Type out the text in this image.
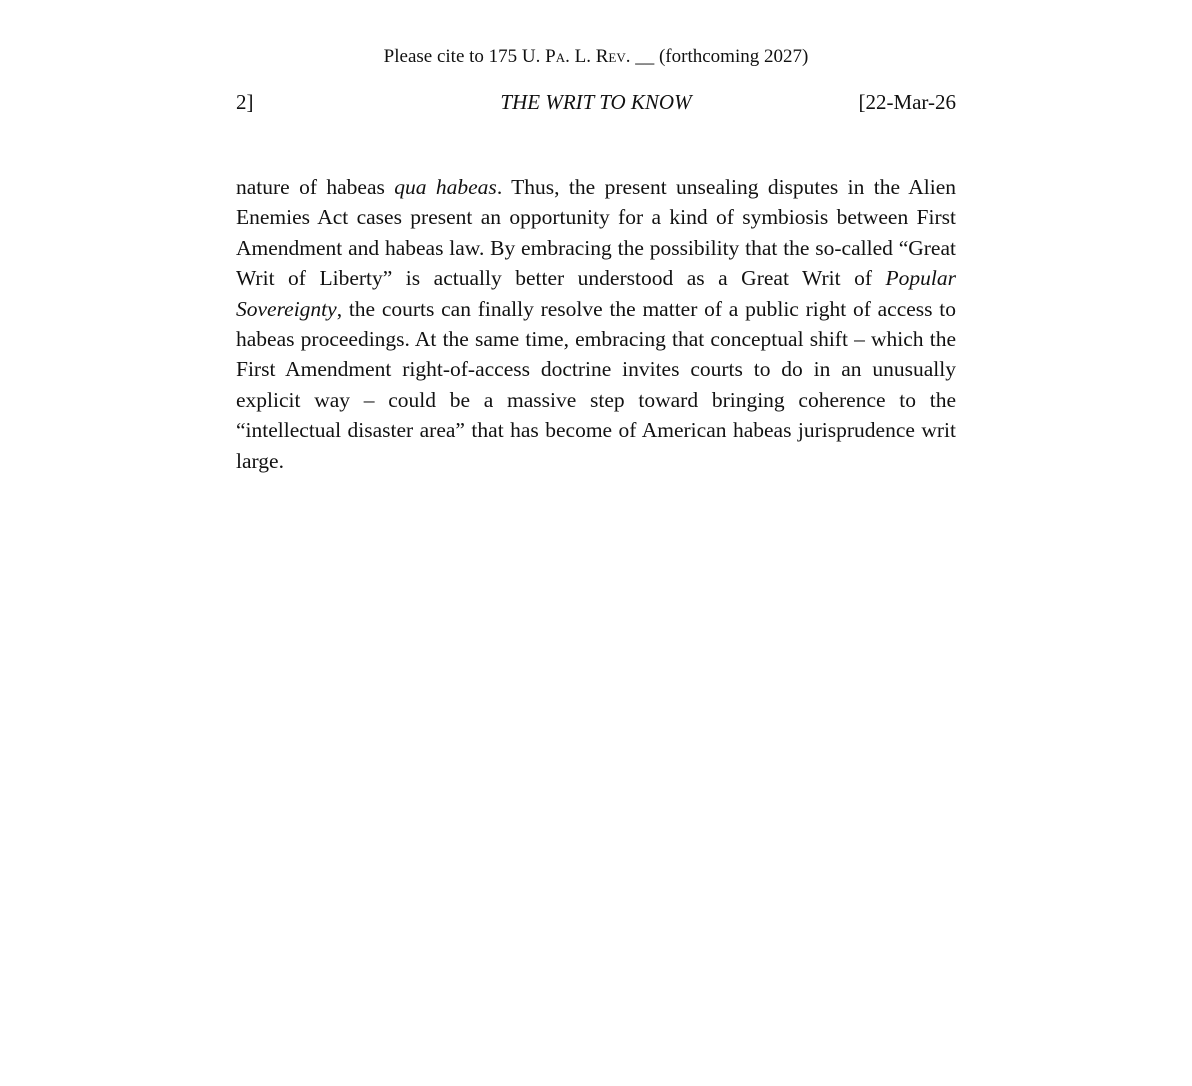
Please cite to 175 U. Pa. L. Rev. __ (forthcoming 2027)
2]	THE WRIT TO KNOW	[22-Mar-26

nature of habeas qua habeas. Thus, the present unsealing disputes in the Alien Enemies Act cases present an opportunity for a kind of symbiosis between First Amendment and habeas law. By embracing the possibility that the so-called “Great Writ of Liberty” is actually better understood as a Great Writ of Popular Sovereignty, the courts can finally resolve the matter of a public right of access to habeas proceedings. At the same time, embracing that conceptual shift – which the First Amendment right-of-access doctrine invites courts to do in an unusually explicit way – could be a massive step toward bringing coherence to the “intellectual disaster area” that has become of American habeas jurisprudence writ large.
